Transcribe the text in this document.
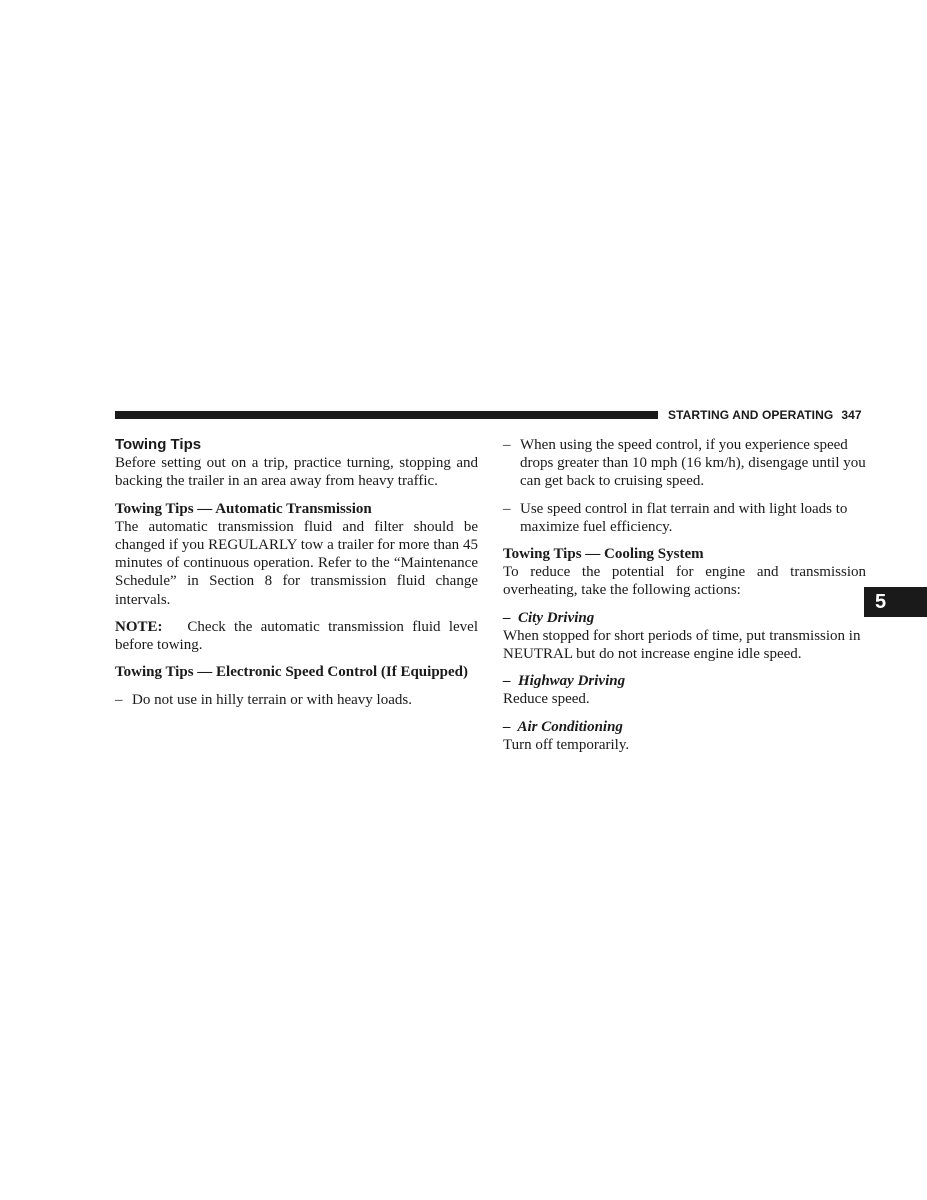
STARTING AND OPERATING 347

Towing Tips

Before setting out on a trip, practice turning, stopping and backing the trailer in an area away from heavy traffic.

Towing Tips — Automatic Transmission

The automatic transmission fluid and filter should be changed if you REGULARLY tow a trailer for more than 45 minutes of continuous operation. Refer to the “Maintenance Schedule” in Section 8 for transmission fluid change intervals.

NOTE: Check the automatic transmission fluid level before towing.

Towing Tips — Electronic Speed Control (If Equipped)

– Do not use in hilly terrain or with heavy loads.

– When using the speed control, if you experience speed drops greater than 10 mph (16 km/h), disengage until you can get back to cruising speed.

– Use speed control in flat terrain and with light loads to maximize fuel efficiency.

Towing Tips — Cooling System

To reduce the potential for engine and transmission overheating, take the following actions:

– City Driving

When stopped for short periods of time, put transmission in NEUTRAL but do not increase engine idle speed.

– Highway Driving

Reduce speed.

– Air Conditioning

Turn off temporarily.

5
